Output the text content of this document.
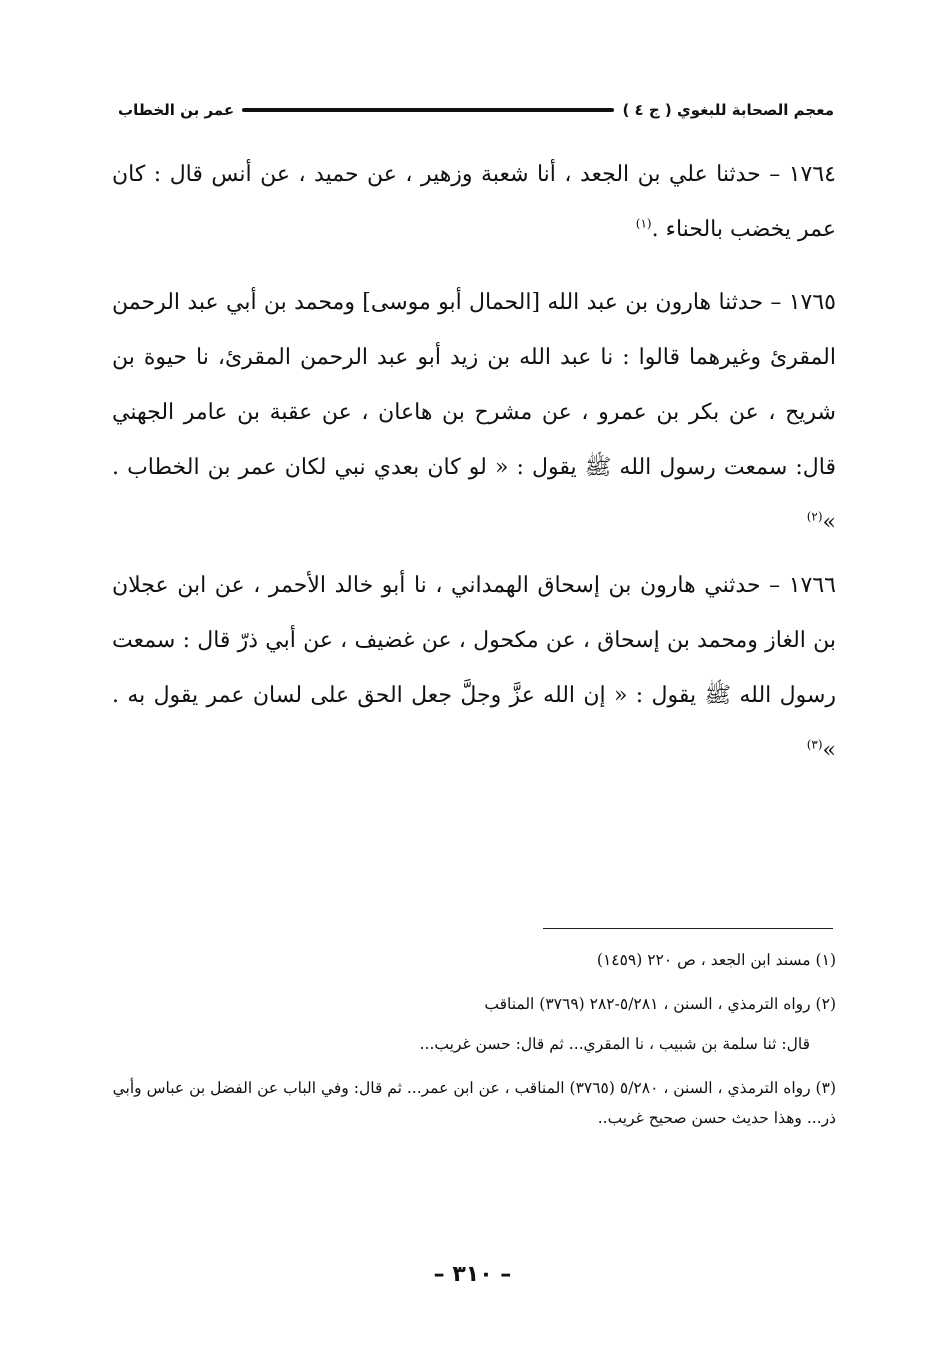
معجم الصحابة للبغوي ( ج ٤ )
عمر بن الخطاب

١٧٦٤ – حدثنا علي بن الجعد ، أنا شعبة وزهير ، عن حميد ، عن أنس قال : كان عمر يخضب بالحناء .$^{(١)}$

١٧٦٥ – حدثنا هارون بن عبد الله [الحمال أبو موسى] ومحمد بن أبي عبد الرحمن المقرئ وغيرهما قالوا : نا عبد الله بن زيد أبو عبد الرحمن المقرئ، نا حيوة بن شريح ، عن بكر بن عمرو ، عن مشرح بن هاعان ، عن عقبة بن عامر الجهني قال: سمعت رسول الله ﷺ يقول : « لو كان بعدي نبي لكان عمر بن الخطاب . »$^{(٢)}$

١٧٦٦ – حدثني هارون بن إسحاق الهمداني ، نا أبو خالد الأحمر ، عن ابن عجلان بن الغاز ومحمد بن إسحاق ، عن مكحول ، عن غضيف ، عن أبي ذرّ قال : سمعت رسول الله ﷺ يقول : « إن الله عزَّ وجلَّ جعل الحق على لسان عمر يقول به . »$^{(٣)}$

(١) مسند ابن الجعد ، ص ٢٢٠ (١٤٥٩)

(٢) رواه الترمذي ، السنن ، ٥/٢٨١-٢٨٢ (٣٧٦٩) المناقب

قال: ثنا سلمة بن شبيب ، نا المقري... ثم قال: حسن غريب...

(٣) رواه الترمذي ، السنن ، ٥/٢٨٠ (٣٧٦٥) المناقب ، عن ابن عمر... ثم قال: وفي الباب عن الفضل بن عباس وأبي ذر... وهذا حديث حسن صحيح غريب..

– ٣١٠ –
